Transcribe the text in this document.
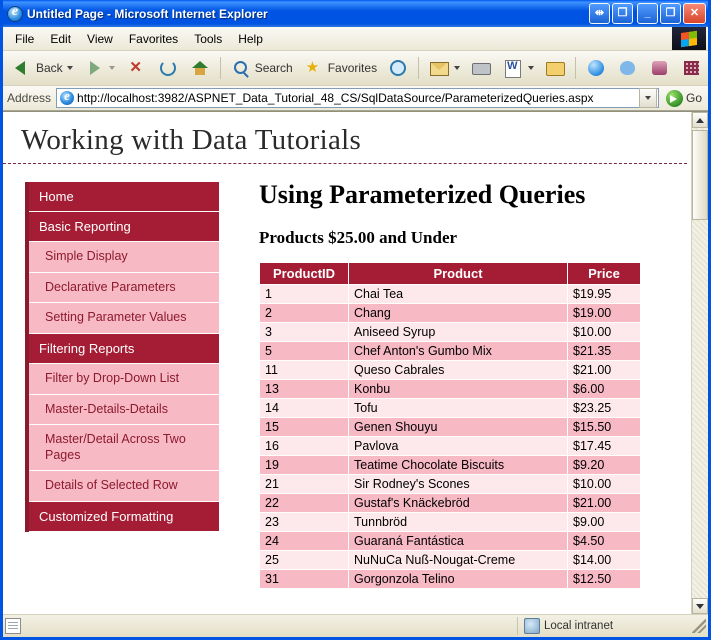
e
Untitled Page - Microsoft Internet Explorer	⇹	❐	_	❐	✕
File	Edit	View	Favorites	Tools	Help
Back	✕	Search ★ Favorites
W
Address e http://localhost:3982/ASPNET_Data_Tutorial_48_CS/SqlDataSource/ParameterizedQueries.aspx	Go
Working with Data Tutorials
Home
Basic Reporting
Simple Display
Declarative Parameters
Setting Parameter Values
Filtering Reports
Filter by Drop-Down List
Master-Details-Details
Master/Detail Across Two Pages
Details of Selected Row
Customized Formatting
Using Parameterized Queries
Products $25.00 and Under
ProductID	Product	Price
1	Chai Tea	$19.95
2	Chang	$19.00
3	Aniseed Syrup	$10.00
5	Chef Anton's Gumbo Mix	$21.35
11	Queso Cabrales	$21.00
13	Konbu	$6.00
14	Tofu	$23.25
15	Genen Shouyu	$15.50
16	Pavlova	$17.45
19	Teatime Chocolate Biscuits	$9.20
21	Sir Rodney's Scones	$10.00
22	Gustaf's Knäckebröd	$21.00
23	Tunnbröd	$9.00
24	Guaraná Fantástica	$4.50
25	NuNuCa Nuß-Nougat-Creme	$14.00
31	Gorgonzola Telino	$12.50
Local intranet
